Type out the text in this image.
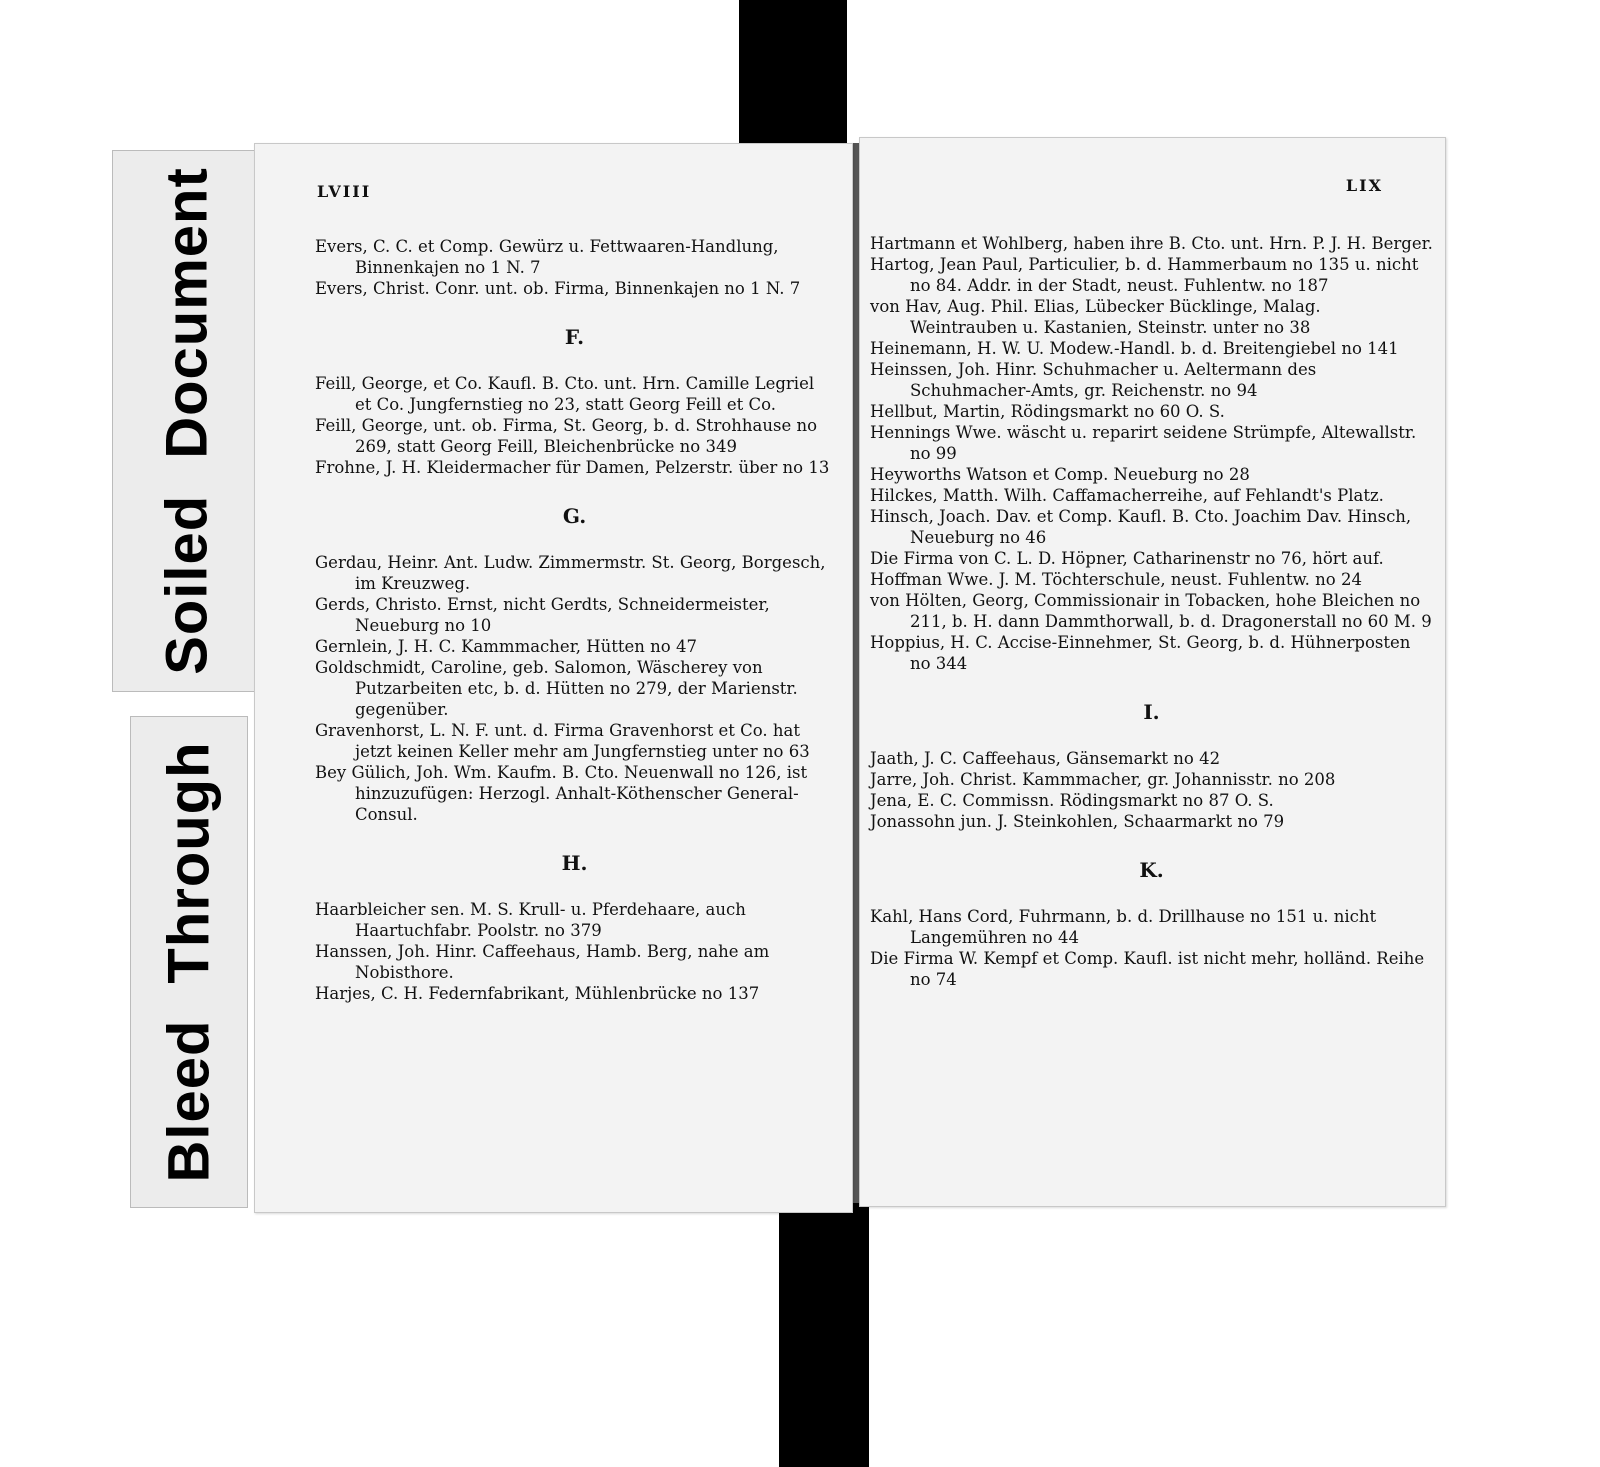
SoiledDocument
BleedThrough
LVIII

Evers, C. C. et Comp. Gewürz u. Fettwaaren-Handlung, Binnenkajen no 1 N. 7

Evers, Christ. Conr. unt. ob. Firma, Binnenkajen no 1 N. 7

F.

Feill, George, et Co. Kaufl. B. Cto. unt. Hrn. Camille Legriel et Co. Jungfernstieg no 23, statt Georg Feill et Co.

Feill, George, unt. ob. Firma, St. Georg, b. d. Strohhause no 269, statt Georg Feill, Bleichenbrücke no 349

Frohne, J. H. Kleidermacher für Damen, Pelzerstr. über no 13

G.

Gerdau, Heinr. Ant. Ludw. Zimmermstr. St. Georg, Borgesch, im Kreuzweg.

Gerds, Christo. Ernst, nicht Gerdts, Schneidermeister, Neueburg no 10

Gernlein, J. H. C. Kammmacher, Hütten no 47

Goldschmidt, Caroline, geb. Salomon, Wäscherey von Putzarbeiten etc, b. d. Hütten no 279, der Marienstr. gegenüber.

Gravenhorst, L. N. F. unt. d. Firma Gravenhorst et Co. hat jetzt keinen Keller mehr am Jungfernstieg unter no 63

Bey Gülich, Joh. Wm. Kaufm. B. Cto. Neuenwall no 126, ist hinzuzufügen: Herzogl. Anhalt-Köthenscher General-Consul.

H.

Haarbleicher sen. M. S. Krull- u. Pferdehaare, auch Haartuchfabr. Poolstr. no 379

Hanssen, Joh. Hinr. Caffeehaus, Hamb. Berg, nahe am Nobisthore.

Harjes, C. H. Federnfabrikant, Mühlenbrücke no 137

LIX

Hartmann et Wohlberg, haben ihre B. Cto. unt. Hrn. P. J. H. Berger.

Hartog, Jean Paul, Particulier, b. d. Hammerbaum no 135 u. nicht no 84. Addr. in der Stadt, neust. Fuhlentw. no 187

von Hav, Aug. Phil. Elias, Lübecker Bücklinge, Malag. Weintrauben u. Kastanien, Steinstr. unter no 38

Heinemann, H. W. U. Modew.-Handl. b. d. Breitengiebel no 141

Heinssen, Joh. Hinr. Schuhmacher u. Aeltermann des Schuhmacher-Amts, gr. Reichenstr. no 94

Hellbut, Martin, Rödingsmarkt no 60 O. S.

Hennings Wwe. wäscht u. reparirt seidene Strümpfe, Altewallstr. no 99

Heyworths Watson et Comp. Neueburg no 28

Hilckes, Matth. Wilh. Caffamacherreihe, auf Fehlandt's Platz.

Hinsch, Joach. Dav. et Comp. Kaufl. B. Cto. Joachim Dav. Hinsch, Neueburg no 46

Die Firma von C. L. D. Höpner, Catharinenstr no 76, hört auf.

Hoffman Wwe. J. M. Töchterschule, neust. Fuhlentw. no 24

von Hölten, Georg, Commissionair in Tobacken, hohe Bleichen no 211, b. H. dann Dammthorwall, b. d. Dragonerstall no 60 M. 9

Hoppius, H. C. Accise-Einnehmer, St. Georg, b. d. Hühnerposten no 344

I.

Jaath, J. C. Caffeehaus, Gänsemarkt no 42

Jarre, Joh. Christ. Kammmacher, gr. Johannisstr. no 208

Jena, E. C. Commissn. Rödingsmarkt no 87 O. S.

Jonassohn jun. J. Steinkohlen, Schaarmarkt no 79

K.

Kahl, Hans Cord, Fuhrmann, b. d. Drillhause no 151 u. nicht Langemühren no 44

Die Firma W. Kempf et Comp. Kaufl. ist nicht mehr, holländ. Reihe no 74
